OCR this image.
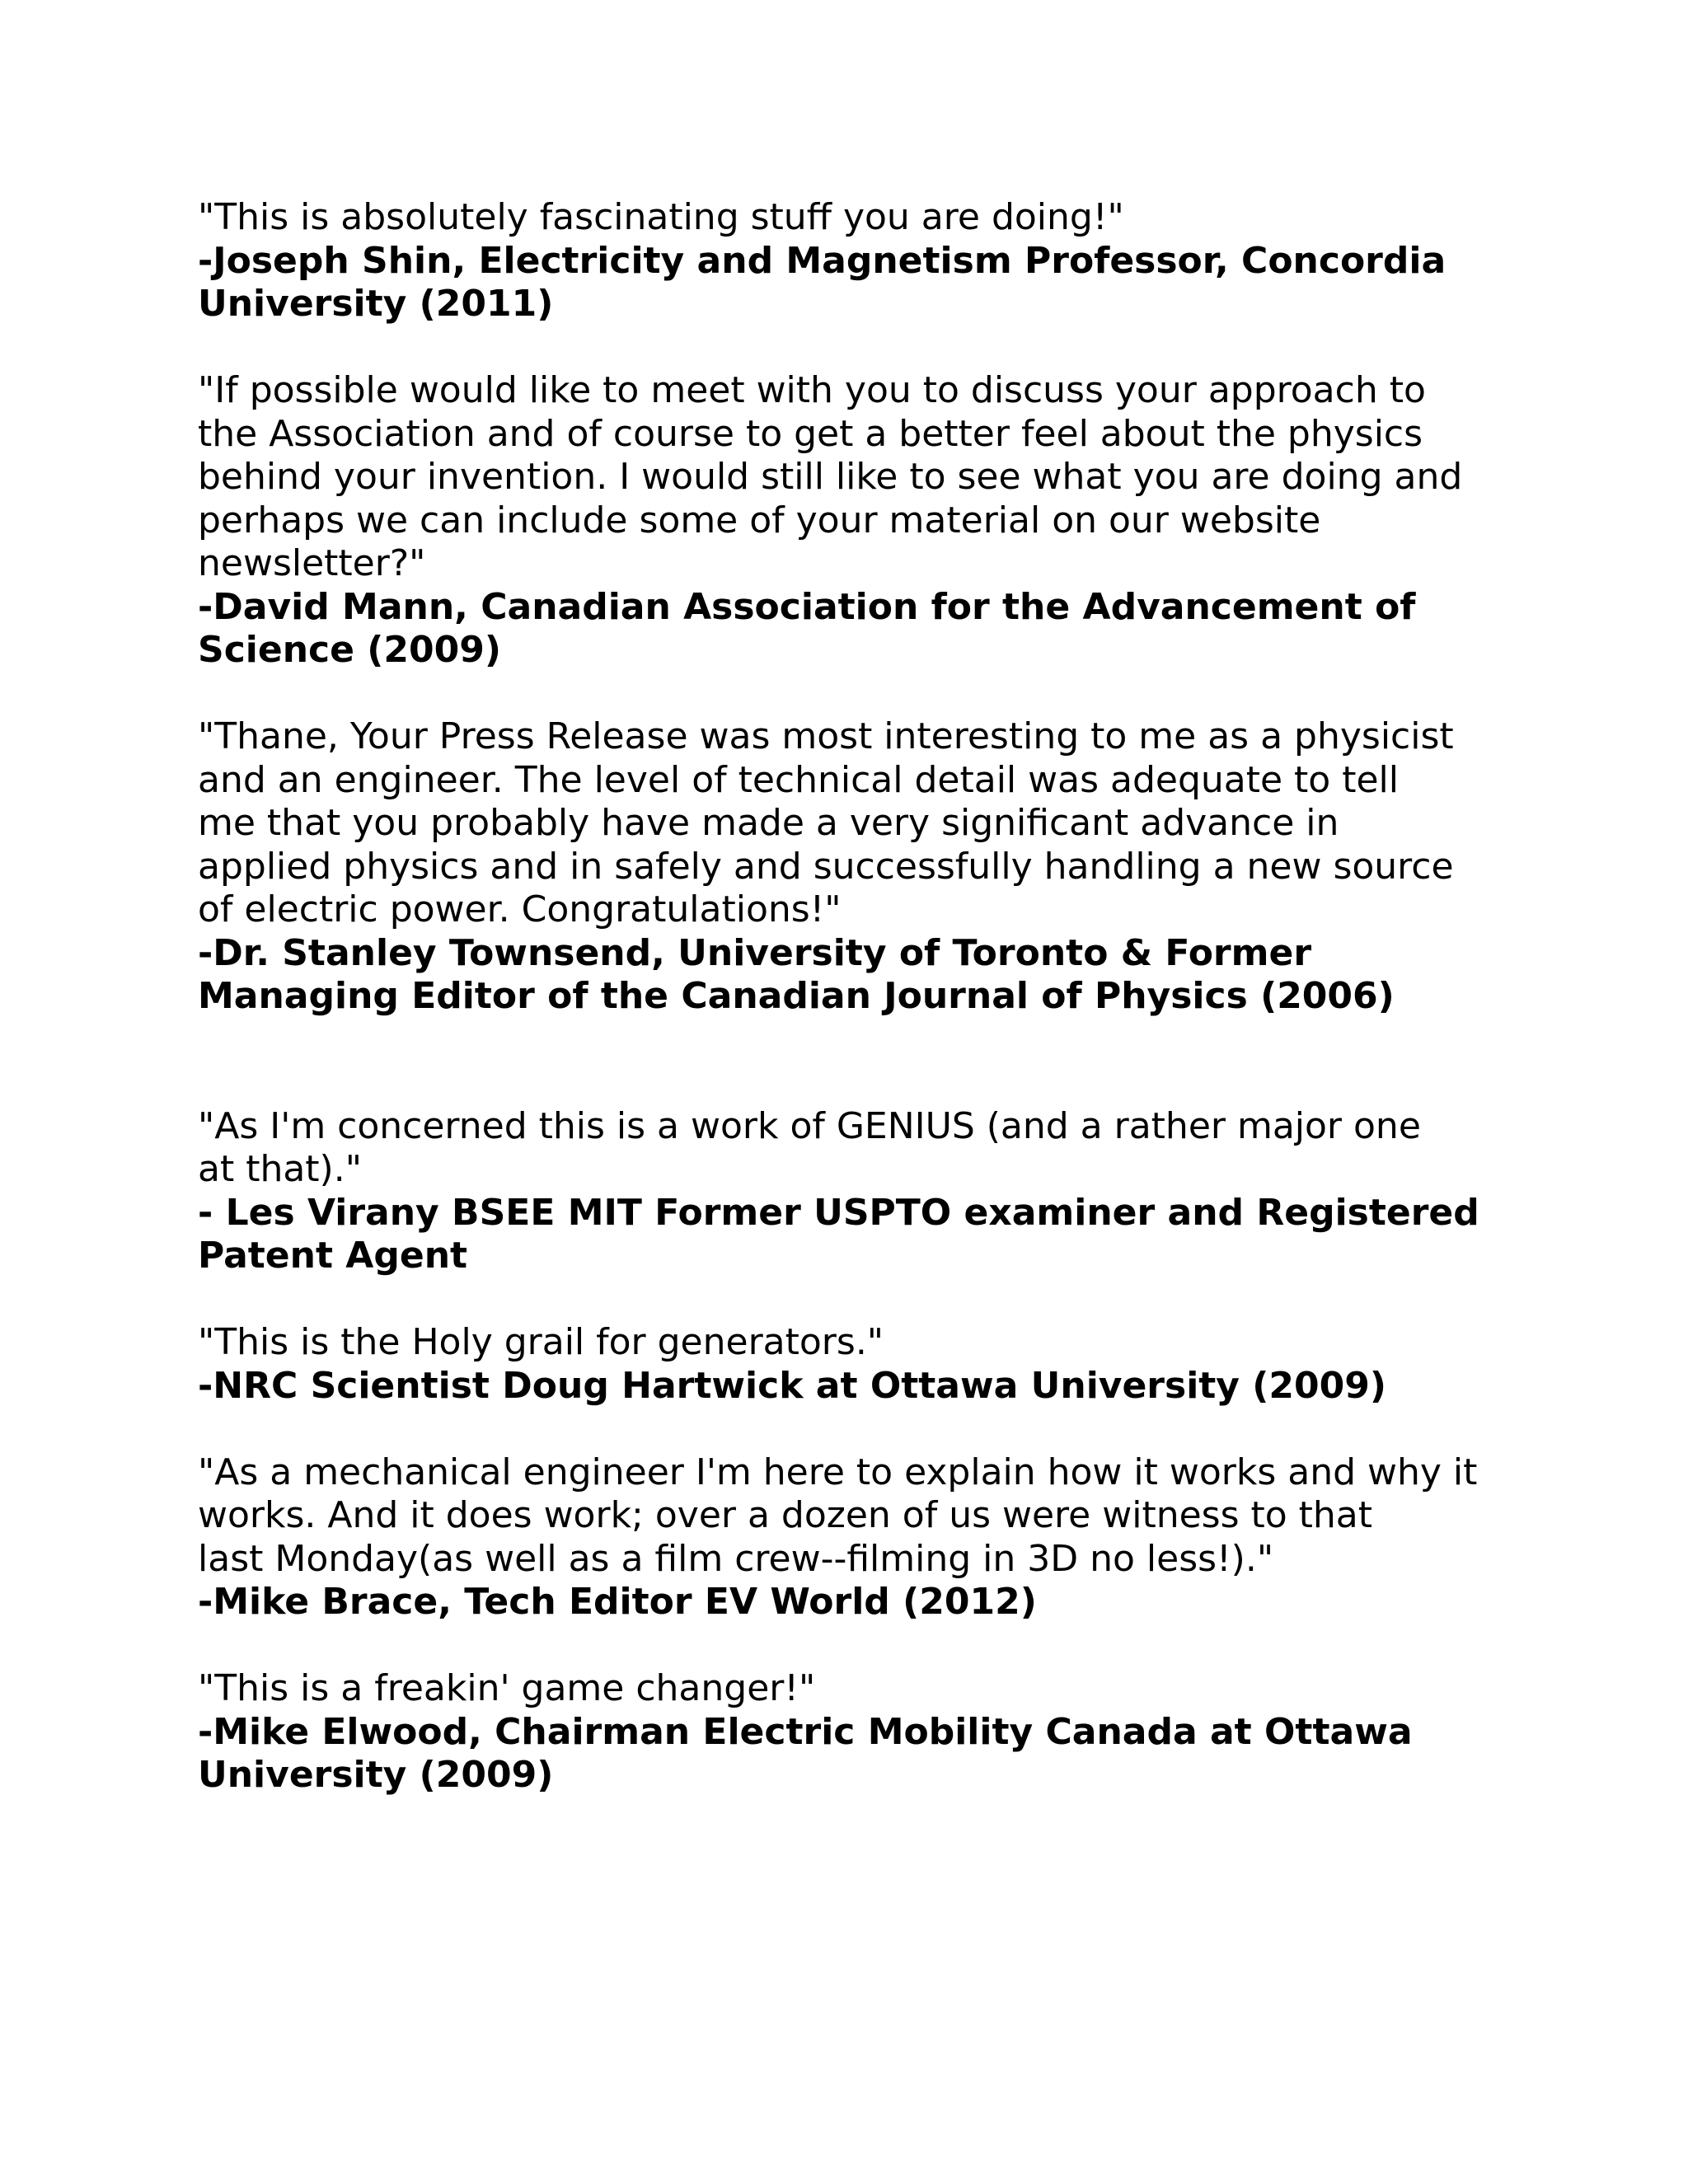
"This is absolutely fascinating stuff you are doing!"
-Joseph Shin, Electricity and Magnetism Professor, Concordia
University (2011)
"If possible would like to meet with you to discuss your approach to
the Association and of course to get a better feel about the physics
behind your invention. I would still like to see what you are doing and
perhaps we can include some of your material on our website
newsletter?"
-David Mann, Canadian Association for the Advancement of
Science (2009)
"Thane, Your Press Release was most interesting to me as a physicist
and an engineer. The level of technical detail was adequate to tell
me that you probably have made a very significant advance in
applied physics and in safely and successfully handling a new source
of electric power. Congratulations!"
-Dr. Stanley Townsend, University of Toronto & Former
Managing Editor of the Canadian Journal of Physics (2006)
"As I'm concerned this is a work of GENIUS (and a rather major one
at that)."
- Les Virany BSEE MIT Former USPTO examiner and Registered
Patent Agent
"This is the Holy grail for generators."
-NRC Scientist Doug Hartwick at Ottawa University (2009)
"As a mechanical engineer I'm here to explain how it works and why it
works. And it does work; over a dozen of us were witness to that
last Monday(as well as a film crew--filming in 3D no less!)."
-Mike Brace, Tech Editor EV World (2012)
"This is a freakin' game changer!"
-Mike Elwood, Chairman Electric Mobility Canada at Ottawa
University (2009)
